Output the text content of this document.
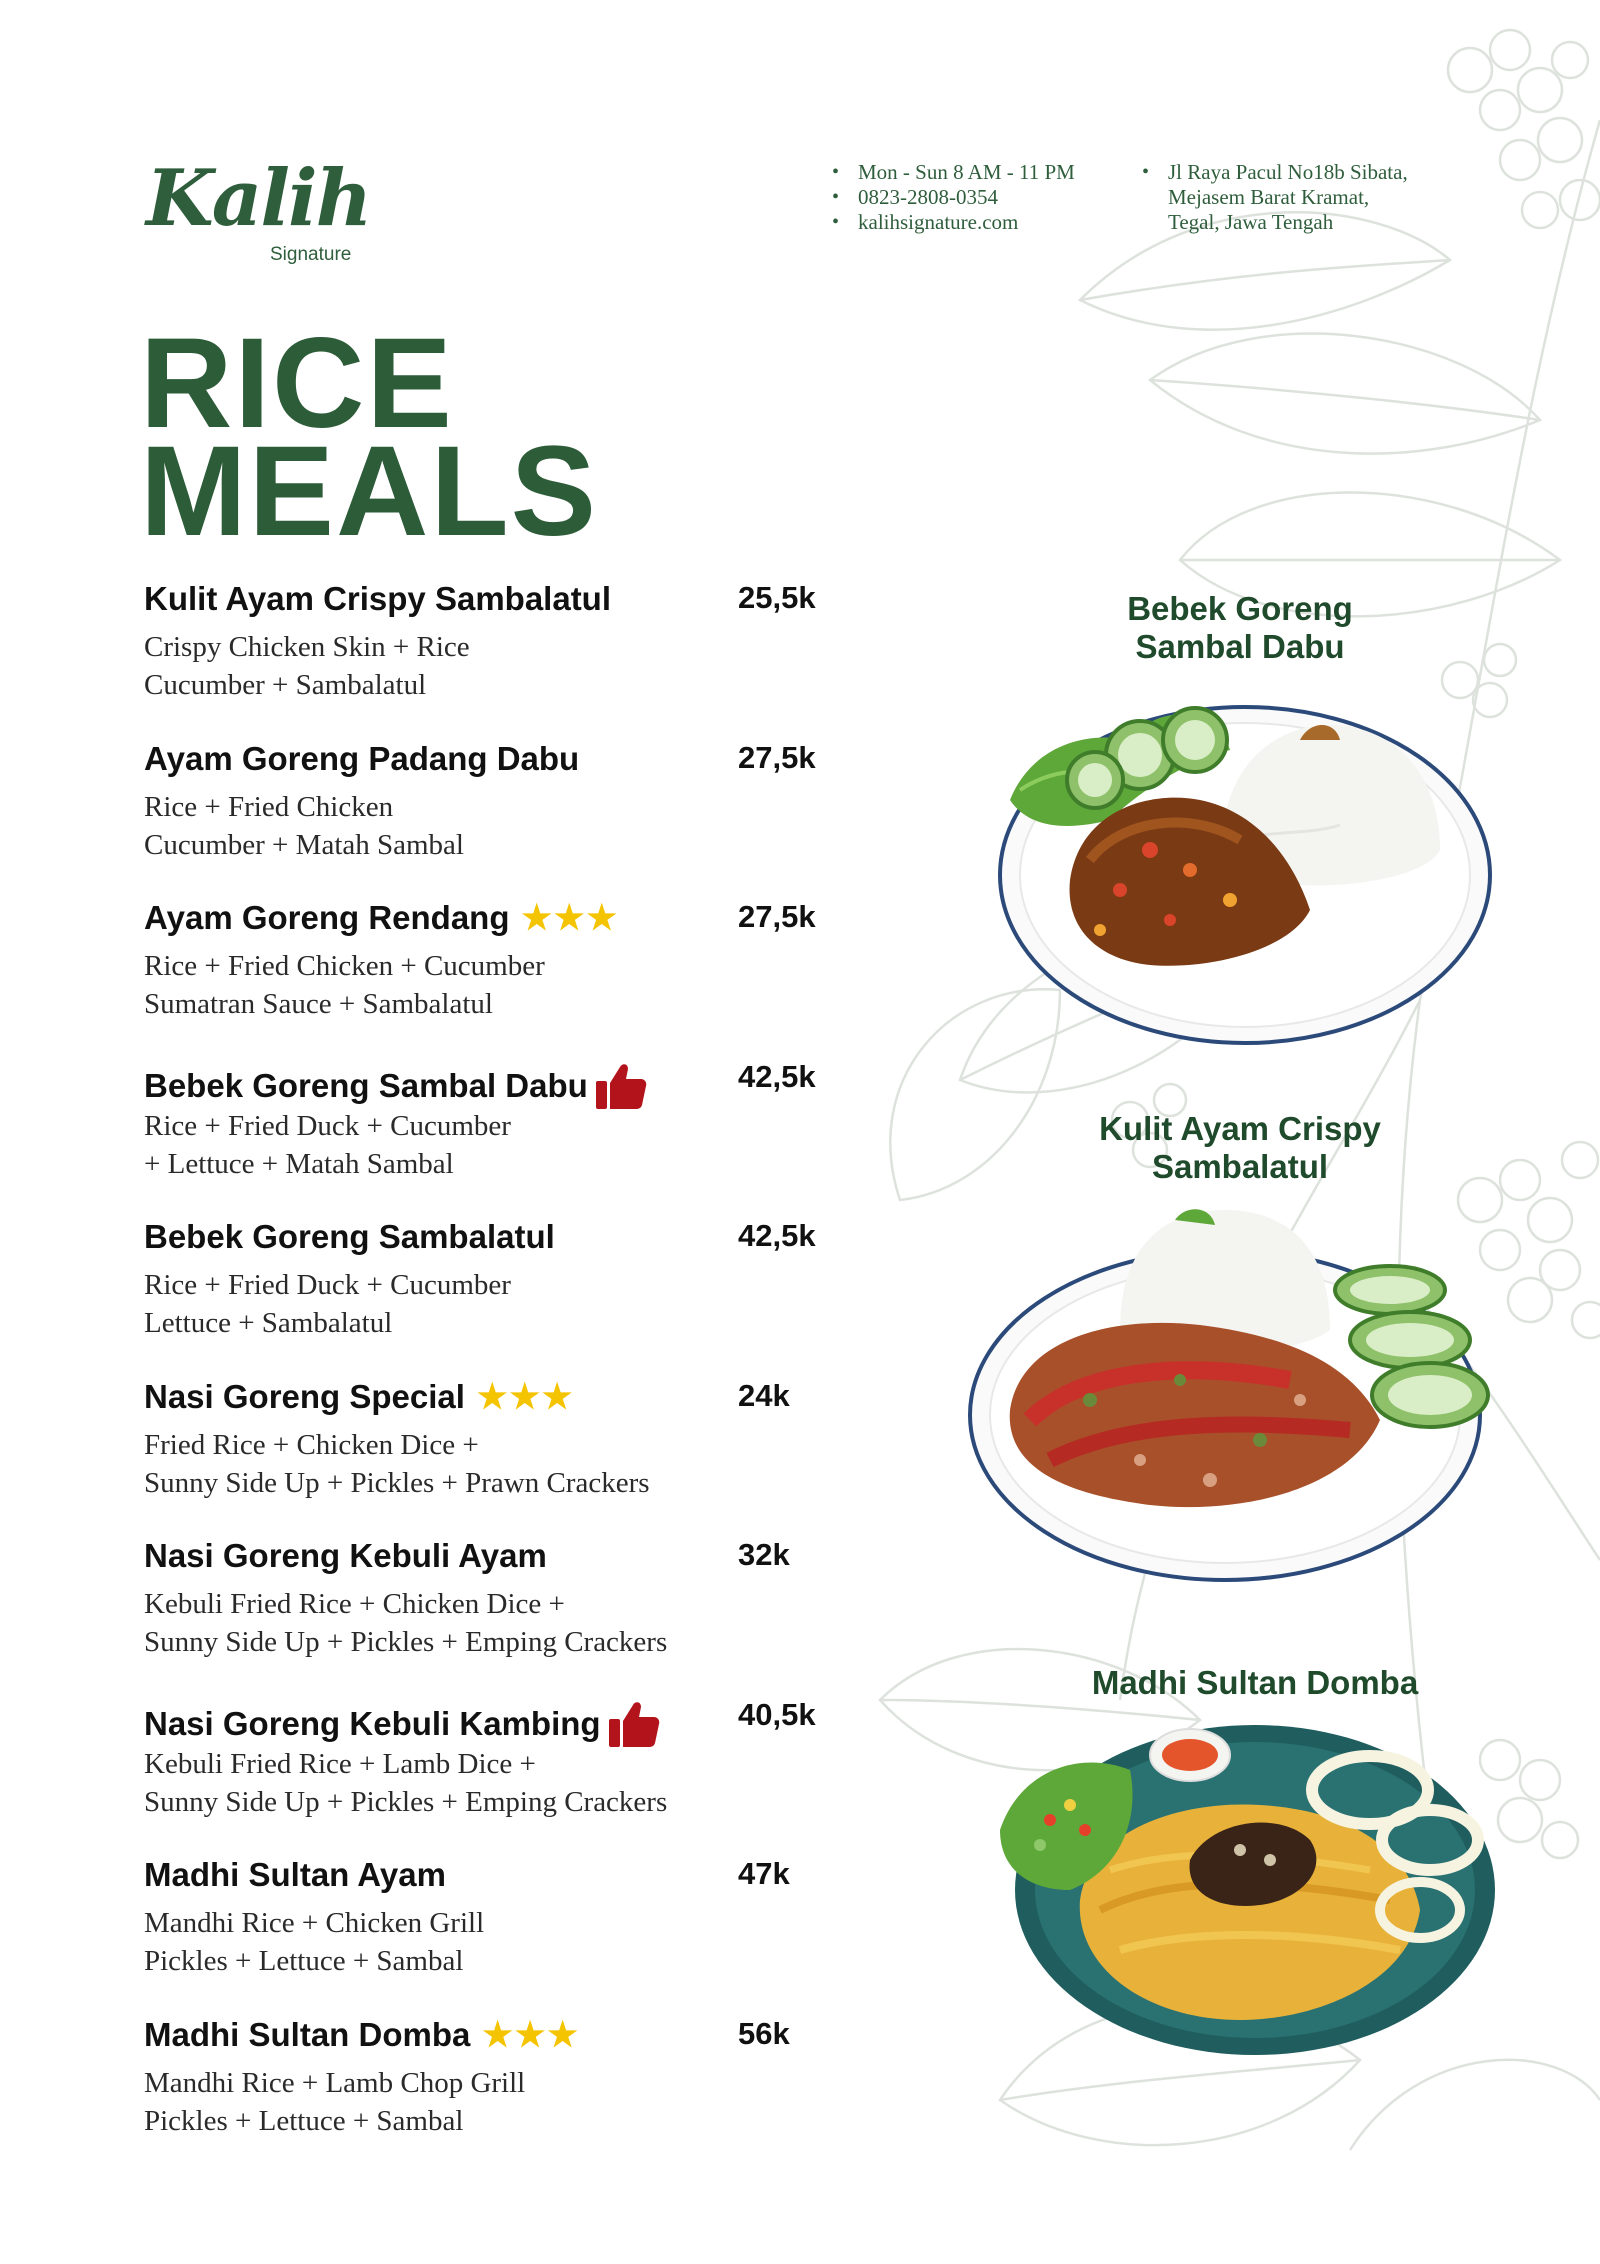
Kalih
Signature
• Mon - Sun 8 AM - 11 PM
• 0823-2808-0354
• kalihsignature.com
• Jl Raya Pacul No18b Sibata,
Mejasem Barat Kramat,
Tegal, Jawa Tengah
RICE
MEALS
Kulit Ayam Crispy Sambalatul	25,5k
Crispy Chicken Skin + Rice
Cucumber + Sambalatul
Ayam Goreng Padang Dabu	27,5k
Rice + Fried Chicken
Cucumber + Matah Sambal
Ayam Goreng Rendang ★ ★ ★	27,5k
Rice + Fried Chicken + Cucumber
Sumatran Sauce + Sambalatul
Bebek Goreng Sambal Dabu	42,5k
Rice + Fried Duck + Cucumber
+ Lettuce + Matah Sambal
Bebek Goreng Sambalatul	42,5k
Rice + Fried Duck + Cucumber
Lettuce + Sambalatul
Nasi Goreng Special ★ ★ ★	24k
Fried Rice + Chicken Dice +
Sunny Side Up + Pickles + Prawn Crackers
Nasi Goreng Kebuli Ayam	32k
Kebuli Fried Rice + Chicken Dice +
Sunny Side Up + Pickles + Emping Crackers
Nasi Goreng Kebuli Kambing	40,5k
Kebuli Fried Rice + Lamb Dice +
Sunny Side Up + Pickles + Emping Crackers
Madhi Sultan Ayam	47k
Mandhi Rice + Chicken Grill
Pickles + Lettuce + Sambal
Madhi Sultan Domba ★ ★ ★	56k
Mandhi Rice + Lamb Chop Grill
Pickles + Lettuce + Sambal
Bebek Goreng
Sambal Dabu
Kulit Ayam Crispy
Sambalatul
Madhi Sultan Domba
